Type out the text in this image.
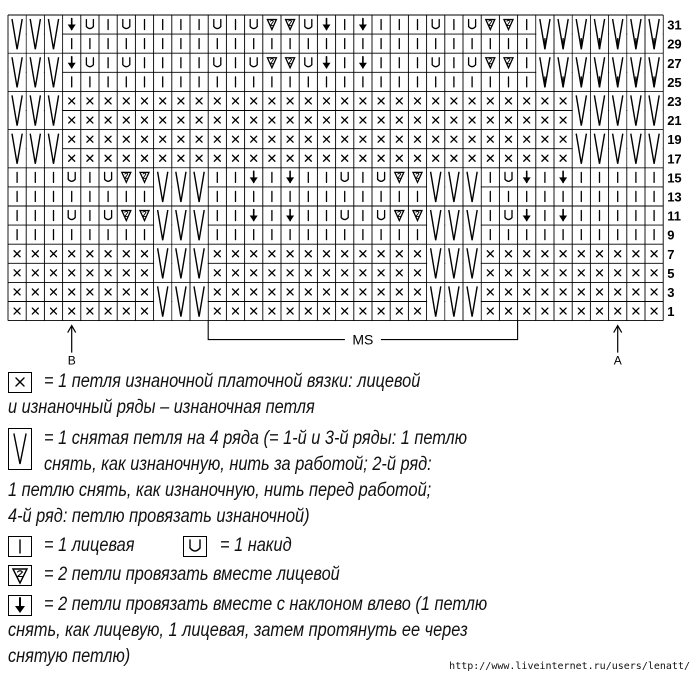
31
29
27
25
23
21
19
17
15
13
11
9
7
5
3
1
B	A
MS
= 1 петля изнаночной платочной вязки: лицевой
и изнаночный ряды – изнаночная петля
= 1 снятая петля на 4 ряда (= 1-й и 3-й ряды: 1 петлю
снять, как изнаночную, нить за работой; 2-й ряд:
1 петлю снять, как изнаночную, нить перед работой;
4-й ряд: петлю провязать изнаночной)
= 1 лицевая	= 1 накид
= 2 петли провязать вместе лицевой
= 2 петли провязать вместе с наклоном влево (1 петлю
снять, как лицевую, 1 лицевая, затем протянуть ее через
снятую петлю)	http://www.liveinternet.ru/users/lenatt/
